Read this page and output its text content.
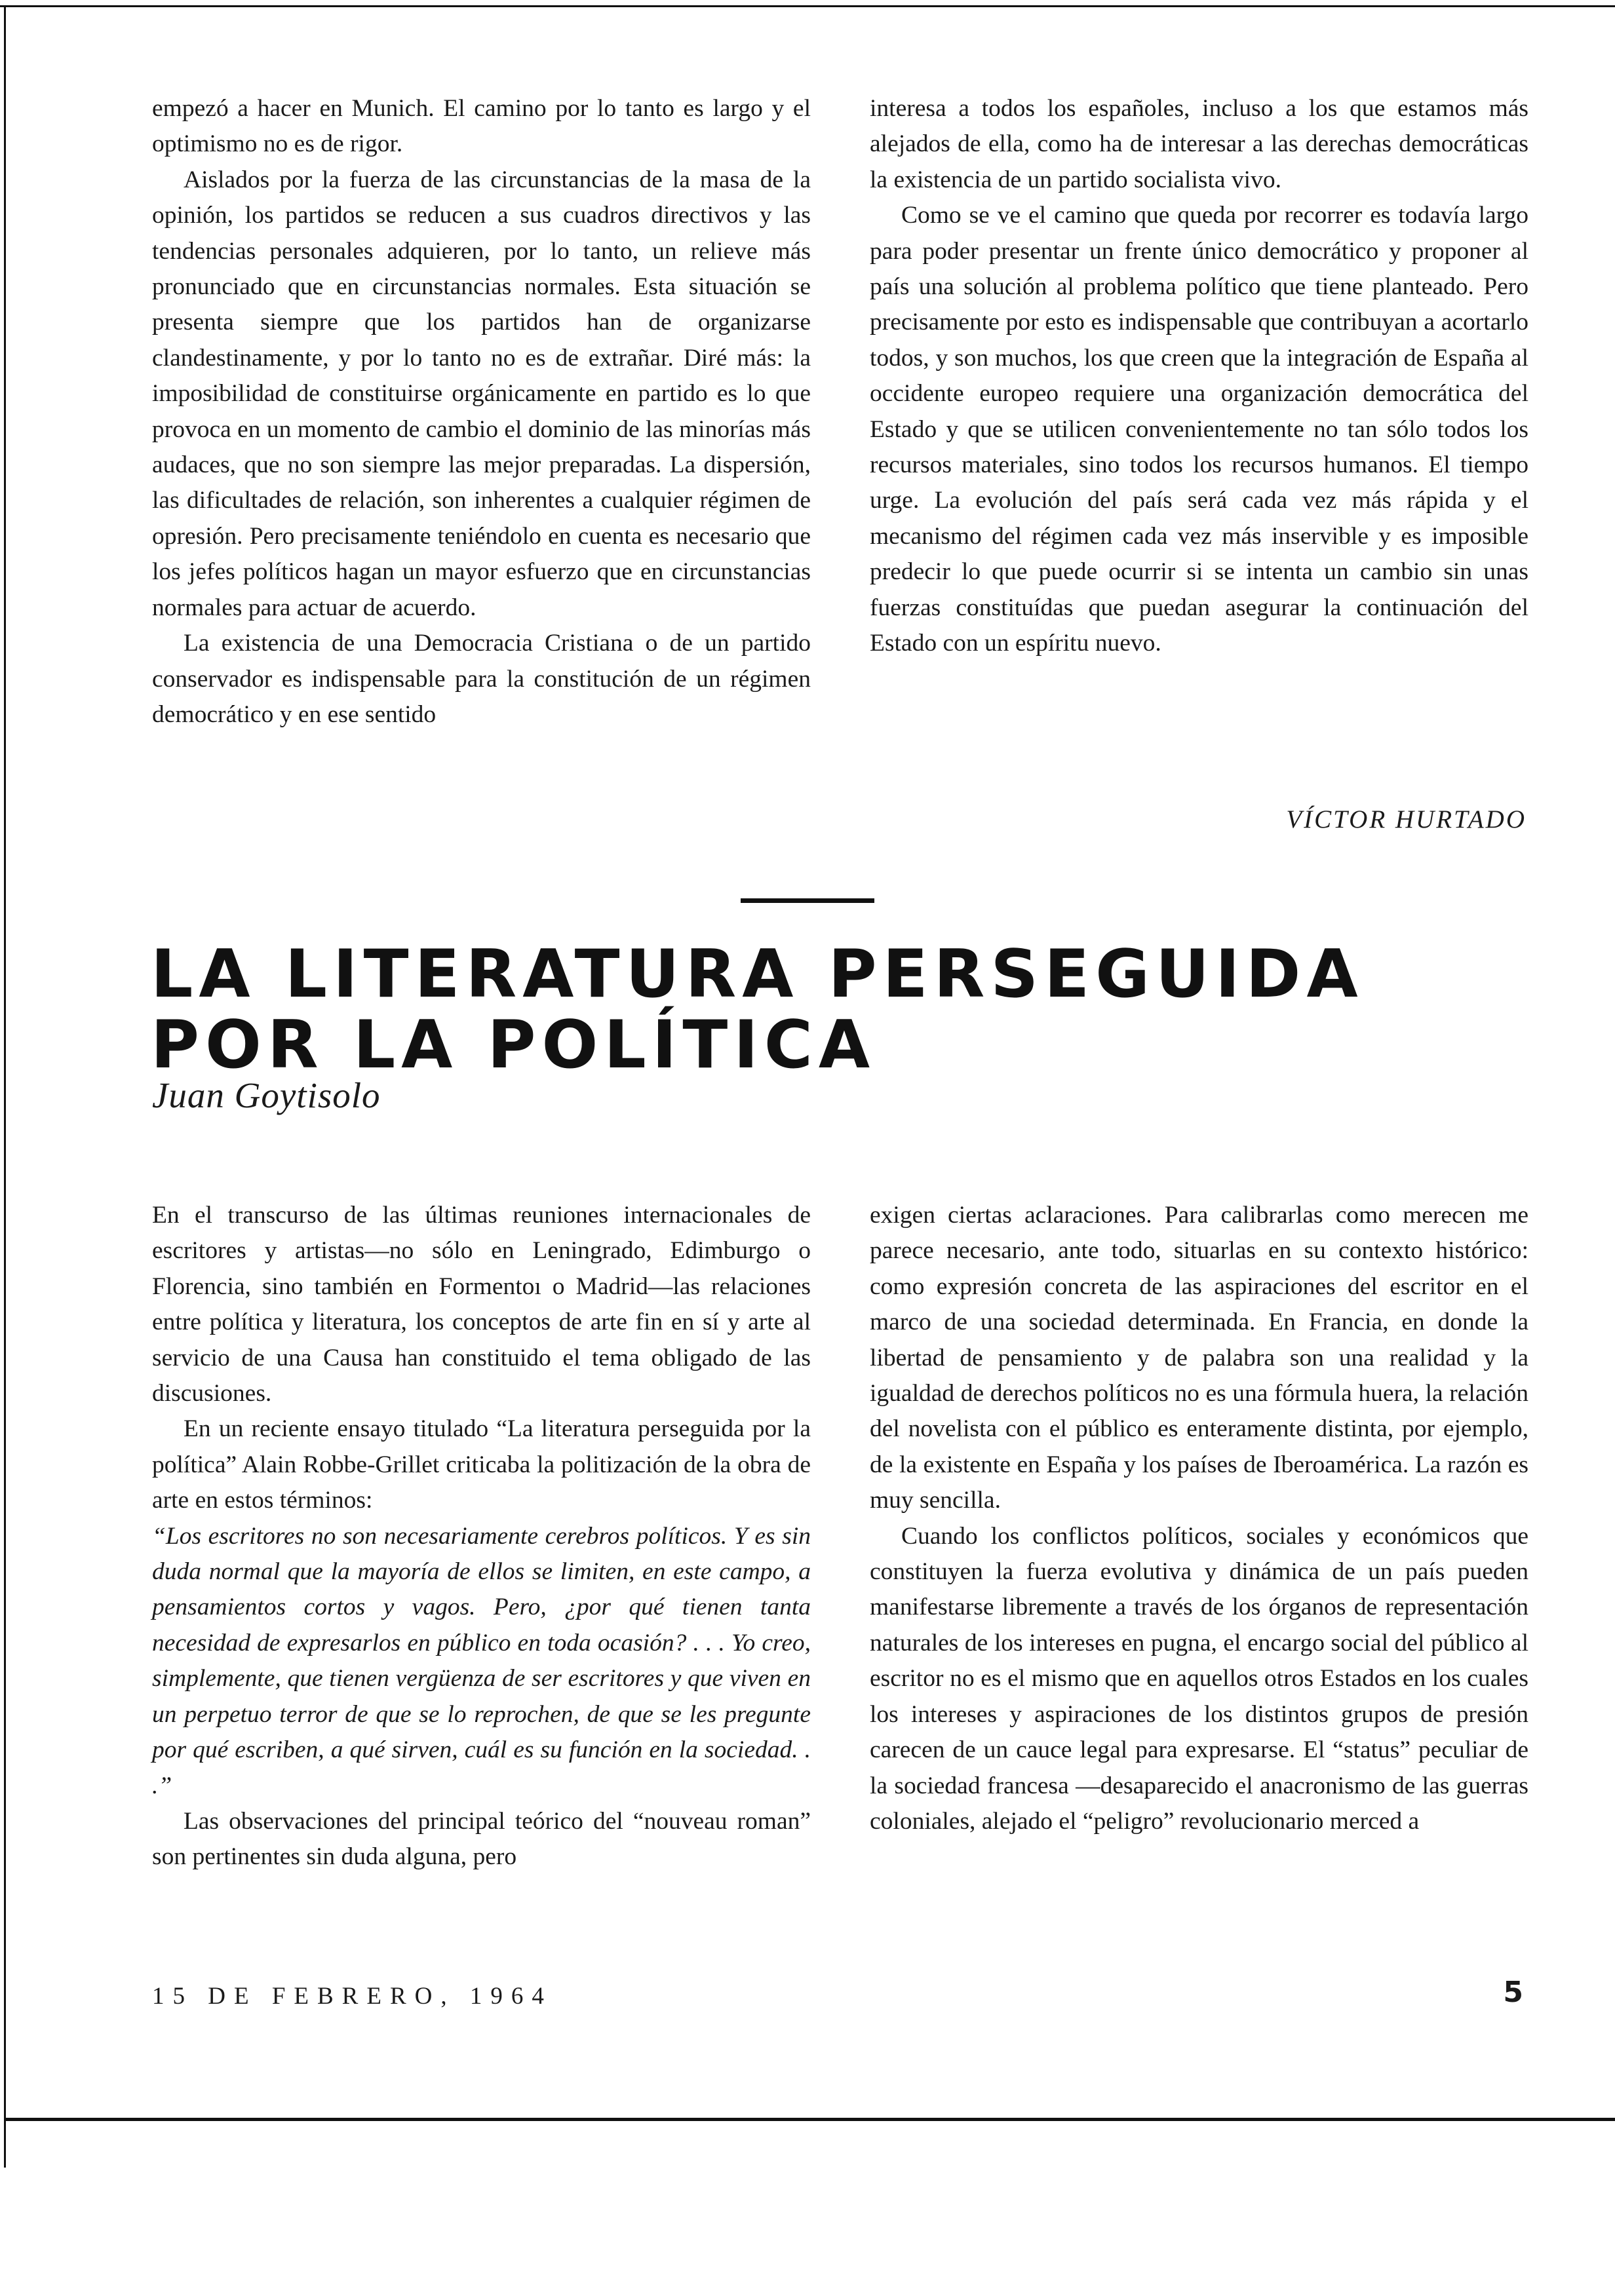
empezó a hacer en Munich. El camino por lo tanto es largo y el optimismo no es de rigor.

Aislados por la fuerza de las circunstancias de la masa de la opinión, los partidos se reducen a sus cuadros directivos y las tendencias personales adquieren, por lo tanto, un relieve más pronunciado que en circunstancias normales. Esta situación se presenta siempre que los partidos han de organizarse clandestinamente, y por lo tanto no es de extrañar. Diré más: la imposibilidad de constituirse orgánicamente en partido es lo que provoca en un momento de cambio el dominio de las minorías más audaces, que no son siempre las mejor preparadas. La dispersión, las dificultades de relación, son inherentes a cualquier régimen de opresión. Pero precisamente teniéndolo en cuenta es necesario que los jefes políticos hagan un mayor esfuerzo que en circunstancias normales para actuar de acuerdo.

La existencia de una Democracia Cristiana o de un partido conservador es indispensable para la constitución de un régimen democrático y en ese sentido

interesa a todos los españoles, incluso a los que estamos más alejados de ella, como ha de interesar a las derechas democráticas la existencia de un partido socialista vivo.

Como se ve el camino que queda por recorrer es todavía largo para poder presentar un frente único democrático y proponer al país una solución al problema político que tiene planteado. Pero precisamente por esto es indispensable que contribuyan a acortarlo todos, y son muchos, los que creen que la integración de España al occidente europeo requiere una organización democrática del Estado y que se utilicen convenientemente no tan sólo todos los recursos materiales, sino todos los recursos humanos. El tiempo urge. La evolución del país será cada vez más rápida y el mecanismo del régimen cada vez más inservible y es imposible predecir lo que puede ocurrir si se intenta un cambio sin unas fuerzas constituídas que puedan asegurar la continuación del Estado con un espíritu nuevo.

VÍCTOR HURTADO
LA LITERATURA PERSEGUIDA
POR LA POLÍTICA
Juan Goytisolo

En el transcurso de las últimas reuniones internacionales de escritores y artistas—no sólo en Leningrado, Edimburgo o Florencia, sino también en Formentoı o Madrid—las relaciones entre política y literatura, los conceptos de arte fin en sí y arte al servicio de una Causa han constituido el tema obligado de las discusiones.

En un reciente ensayo titulado “La literatura perseguida por la política” Alain Robbe-Grillet criticaba la politización de la obra de arte en estos términos:

“Los escritores no son necesariamente cerebros políticos. Y es sin duda normal que la mayoría de ellos se limiten, en este campo, a pensamientos cortos y vagos. Pero, ¿por qué tienen tanta necesidad de expresarlos en público en toda ocasión? . . . Yo creo, simplemente, que tienen vergüenza de ser escritores y que viven en un perpetuo terror de que se lo reprochen, de que se les pregunte por qué escriben, a qué sirven, cuál es su función en la sociedad. . .”

Las observaciones del principal teórico del “nouveau roman” son pertinentes sin duda alguna, pero

exigen ciertas aclaraciones. Para calibrarlas como merecen me parece necesario, ante todo, situarlas en su contexto histórico: como expresión concreta de las aspiraciones del escritor en el marco de una sociedad determinada. En Francia, en donde la libertad de pensamiento y de palabra son una realidad y la igualdad de derechos políticos no es una fórmula huera, la relación del novelista con el público es enteramente distinta, por ejemplo, de la existente en España y los países de Iberoamérica. La razón es muy sencilla.

Cuando los conflictos políticos, sociales y económicos que constituyen la fuerza evolutiva y dinámica de un país pueden manifestarse libremente a través de los órganos de representación naturales de los intereses en pugna, el encargo social del público al escritor no es el mismo que en aquellos otros Estados en los cuales los intereses y aspiraciones de los distintos grupos de presión carecen de un cauce legal para expresarse. El “status” peculiar de la sociedad francesa —desaparecido el anacronismo de las guerras coloniales, alejado el “peligro” revolucionario merced a

15 DE FEBRERO, 1964	5
